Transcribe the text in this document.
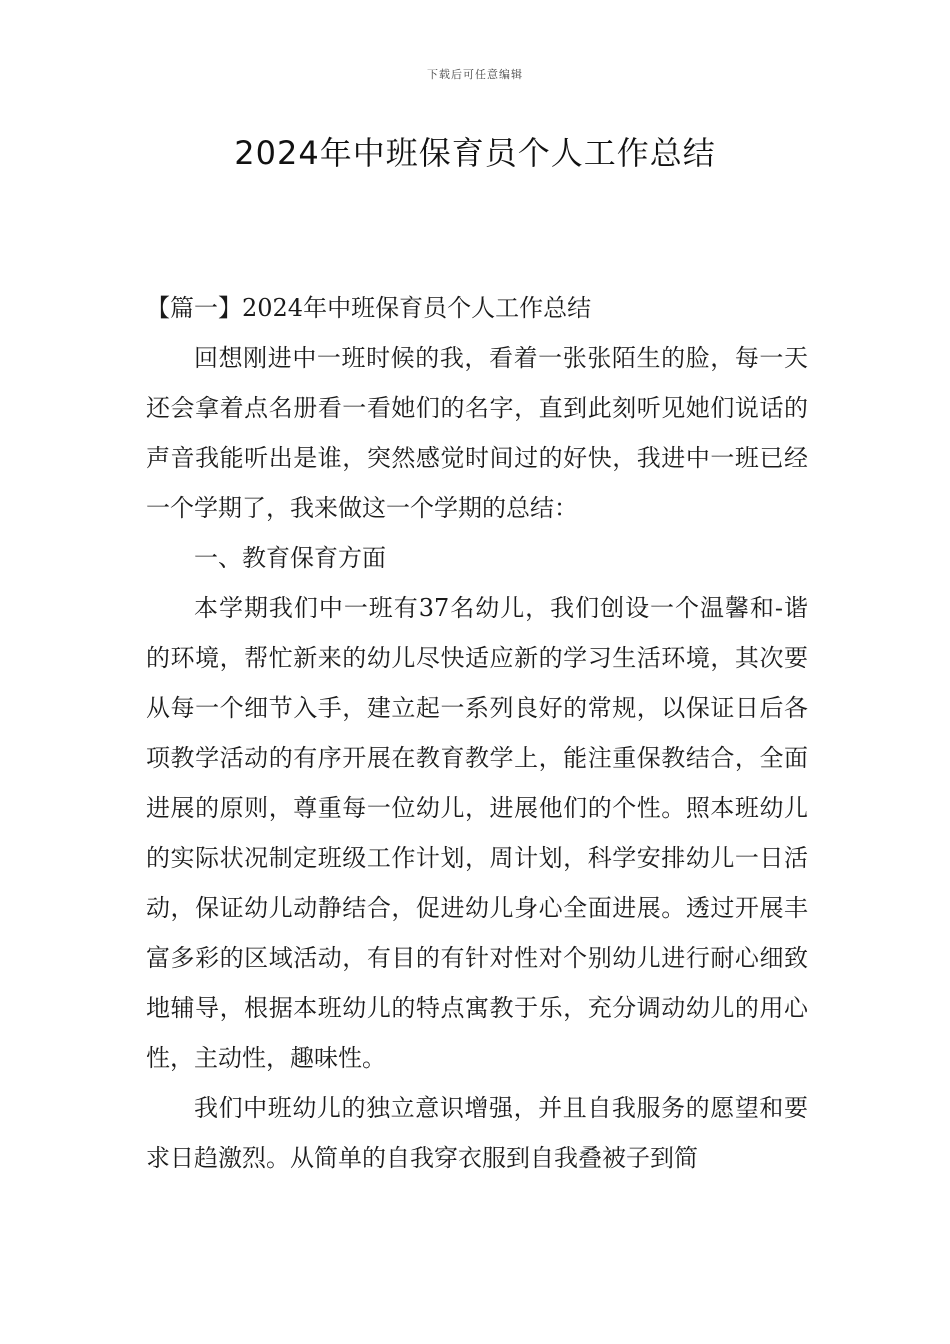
下载后可任意编辑
2024年中班保育员个人工作总结

【篇一】2024年中班保育员个人工作总结

回想刚进中一班时候的我，看着一张张陌生的脸，每一天还会拿着点名册看一看她们的名字，直到此刻听见她们说话的声音我能听出是谁，突然感觉时间过的好快，我进中一班已经一个学期了，我来做这一个学期的总结：

一、教育保育方面

本学期我们中一班有37名幼儿，我们创设一个温馨和-谐的环境，帮忙新来的幼儿尽快适应新的学习生活环境，其次要从每一个细节入手，建立起一系列良好的常规，以保证日后各项教学活动的有序开展在教育教学上，能注重保教结合，全面进展的原则，尊重每一位幼儿，进展他们的个性。照本班幼儿的实际状况制定班级工作计划，周计划，科学安排幼儿一日活动，保证幼儿动静结合，促进幼儿身心全面进展。透过开展丰富多彩的区域活动，有目的有针对性对个别幼儿进行耐心细致地辅导，根据本班幼儿的特点寓教于乐，充分调动幼儿的用心性，主动性，趣味性。

我们中班幼儿的独立意识增强，并且自我服务的愿望和要求日趋激烈。从简单的自我穿衣服到自我叠被子到简
